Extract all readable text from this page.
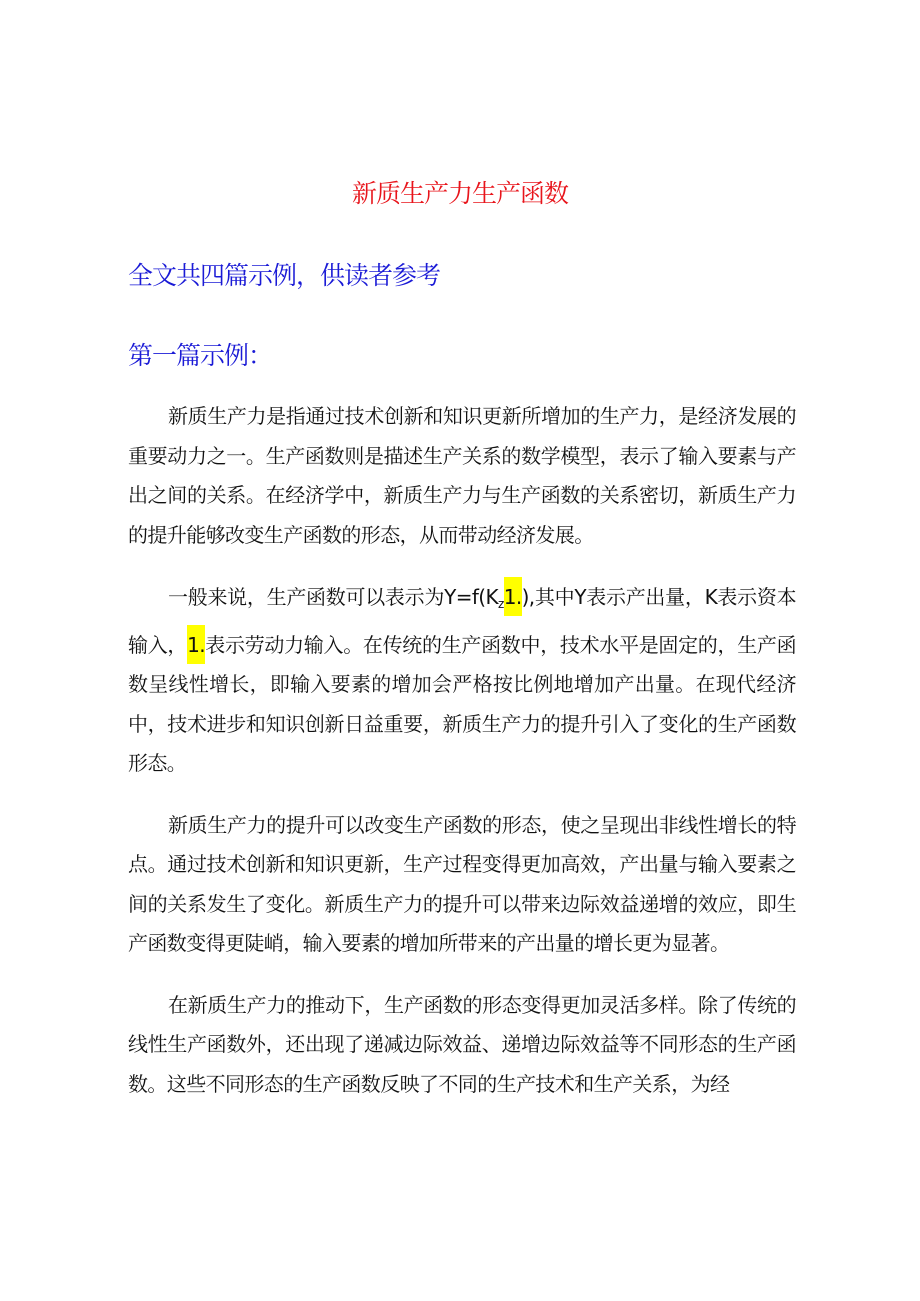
新质生产力生产函数
全文共四篇示例，供读者参考
第一篇示例：

新质生产力是指通过技术创新和知识更新所增加的生产力，是经济发展的重要动力之一。生产函数则是描述生产关系的数学模型，表示了输入要素与产出之间的关系。在经济学中，新质生产力与生产函数的关系密切，新质生产力的提升能够改变生产函数的形态，从而带动经济发展。

一般来说，生产函数可以表示为$Y=f(K_z1.)$,其中Y表示产出量，K表示资本输入，1.表示劳动力输入。在传统的生产函数中，技术水平是固定的，生产函数呈线性增长，即输入要素的增加会严格按比例地增加产出量。在现代经济中，技术进步和知识创新日益重要，新质生产力的提升引入了变化的生产函数形态。

新质生产力的提升可以改变生产函数的形态，使之呈现出非线性增长的特点。通过技术创新和知识更新，生产过程变得更加高效，产出量与输入要素之间的关系发生了变化。新质生产力的提升可以带来边际效益递增的效应，即生产函数变得更陡峭，输入要素的增加所带来的产出量的增长更为显著。

在新质生产力的推动下，生产函数的形态变得更加灵活多样。除了传统的线性生产函数外，还出现了递减边际效益、递增边际效益等不同形态的生产函数。这些不同形态的生产函数反映了不同的生产技术和生产关系，为经
